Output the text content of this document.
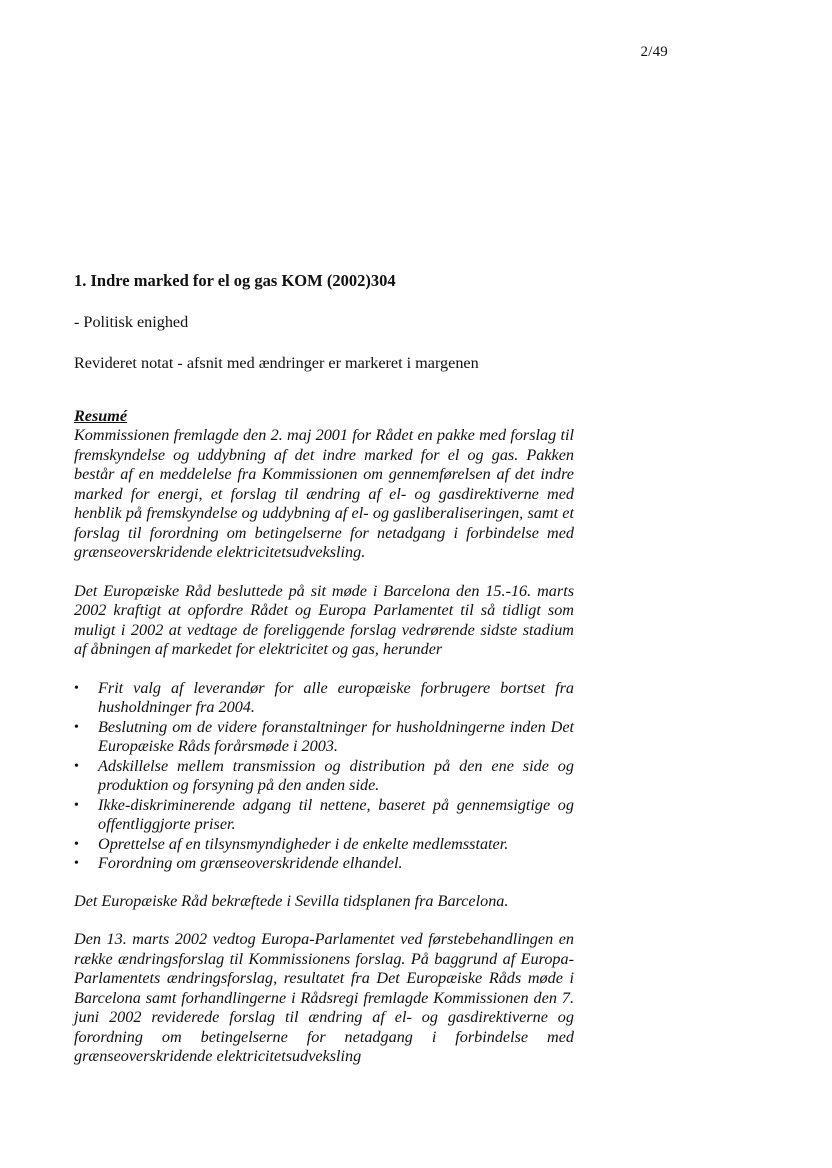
2/49

1. Indre marked for el og gas KOM (2002)304

- Politisk enighed

Revideret notat - afsnit med ændringer er markeret i margenen

Resumé

Kommissionen fremlagde den 2. maj 2001 for Rådet en pakke med forslag til fremskyndelse og uddybning af det indre marked for el og gas. Pakken består af en meddelelse fra Kommissionen om gennemførelsen af det indre marked for energi, et forslag til ændring af el- og gasdirektiverne med henblik på fremskyndelse og uddybning af el- og gasliberaliseringen, samt et forslag til forordning om betingelserne for netadgang i forbindelse med grænseoverskridende elektricitetsudveksling.

Det Europæiske Råd besluttede på sit møde i Barcelona den 15.-16. marts 2002 kraftigt at opfordre Rådet og Europa Parlamentet til så tidligt som muligt i 2002 at vedtage de foreliggende forslag vedrørende sidste stadium af åbningen af markedet for elektricitet og gas, herunder

• Frit valg af leverandør for alle europæiske forbrugere bortset fra husholdninger fra 2004.
• Beslutning om de videre foranstaltninger for husholdningerne inden Det Europæiske Råds forårsmøde i 2003.
• Adskillelse mellem transmission og distribution på den ene side og produktion og forsyning på den anden side.
• Ikke-diskriminerende adgang til nettene, baseret på gennemsigtige og offentliggjorte priser.
• Oprettelse af en tilsynsmyndigheder i de enkelte medlemsstater.
• Forordning om grænseoverskridende elhandel.

Det Europæiske Råd bekræftede i Sevilla tidsplanen fra Barcelona.

Den 13. marts 2002 vedtog Europa-Parlamentet ved førstebehandlingen en række ændringsforslag til Kommissionens forslag. På baggrund af Europa-Parlamentets ændringsforslag, resultatet fra Det Europæiske Råds møde i Barcelona samt forhandlingerne i Rådsregi fremlagde Kommissionen den 7. juni 2002 reviderede forslag til ændring af el- og gasdirektiverne og forordning om betingelserne for netadgang i forbindelse med grænseoverskridende elektricitetsudveksling
